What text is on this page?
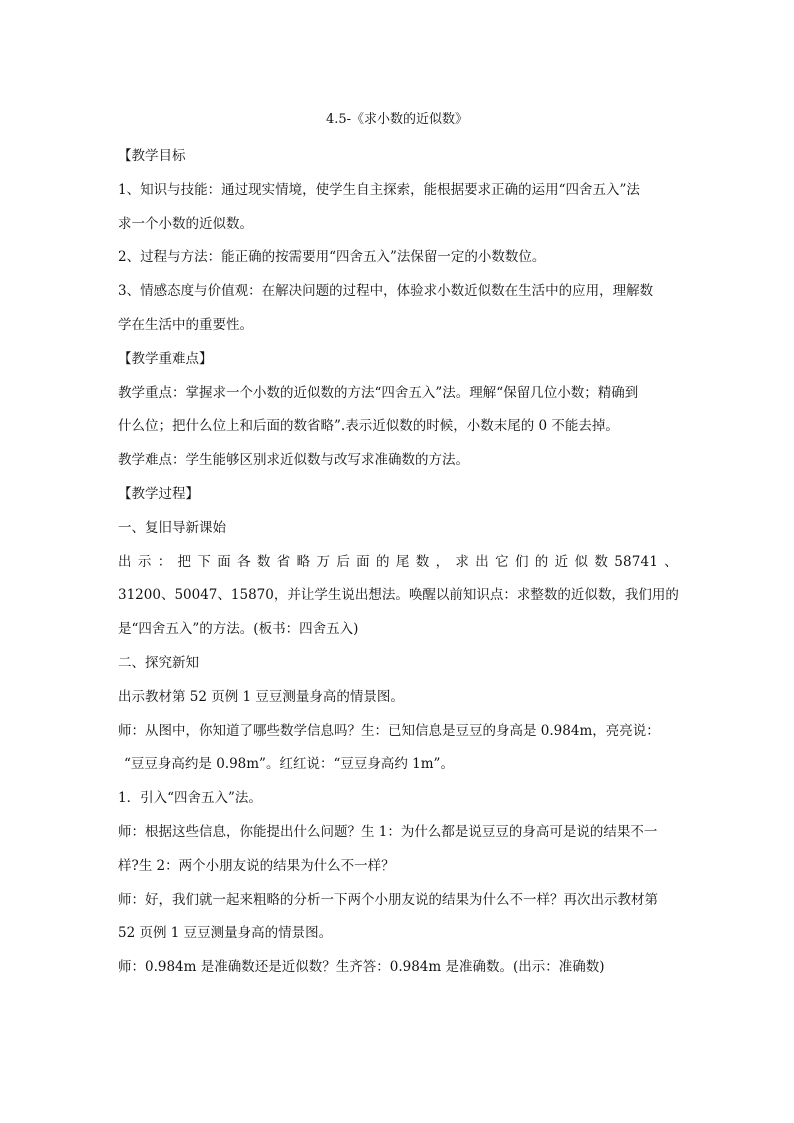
4.5-《求小数的近似数》

【教学目标

1、知识与技能：通过现实情境，使学生自主探索，能根据要求正确的运用“四舍五入”法

求一个小数的近似数。

2、过程与方法：能正确的按需要用“四舍五入”法保留一定的小数数位。

3、情感态度与价值观：在解决问题的过程中，体验求小数近似数在生活中的应用，理解数

学在生活中的重要性。

【教学重难点】

教学重点：掌握求一个小数的近似数的方法“四舍五入”法。理解“保留几位小数；精确到

什么位；把什么位上和后面的数省略”.表示近似数的时候，小数末尾的 0 不能去掉。

教学难点：学生能够区别求近似数与改写求准确数的方法。

【教学过程】

一、复旧导新课始

出示：把下面各数省略万后面的尾数，求出它们的近似数58741、

31200、50047、15870，并让学生说出想法。唤醒以前知识点：求整数的近似数，我们用的

是“四舍五入”的方法。(板书：四舍五入)

二、探究新知

出示教材第 52 页例 1 豆豆测量身高的情景图。

师：从图中，你知道了哪些数学信息吗？生：已知信息是豆豆的身高是 0.984m，亮亮说：

“豆豆身高约是 0.98m”。红红说：“豆豆身高约 1m”。

1．引入“四舍五入”法。

师：根据这些信息，你能提出什么问题？生 1：为什么都是说豆豆的身高可是说的结果不一

样?生 2：两个小朋友说的结果为什么不一样？

师：好，我们就一起来粗略的分析一下两个小朋友说的结果为什么不一样？再次出示教材第

52 页例 1 豆豆测量身高的情景图。

师：0.984m 是准确数还是近似数？生齐答：0.984m 是准确数。(出示：准确数)
